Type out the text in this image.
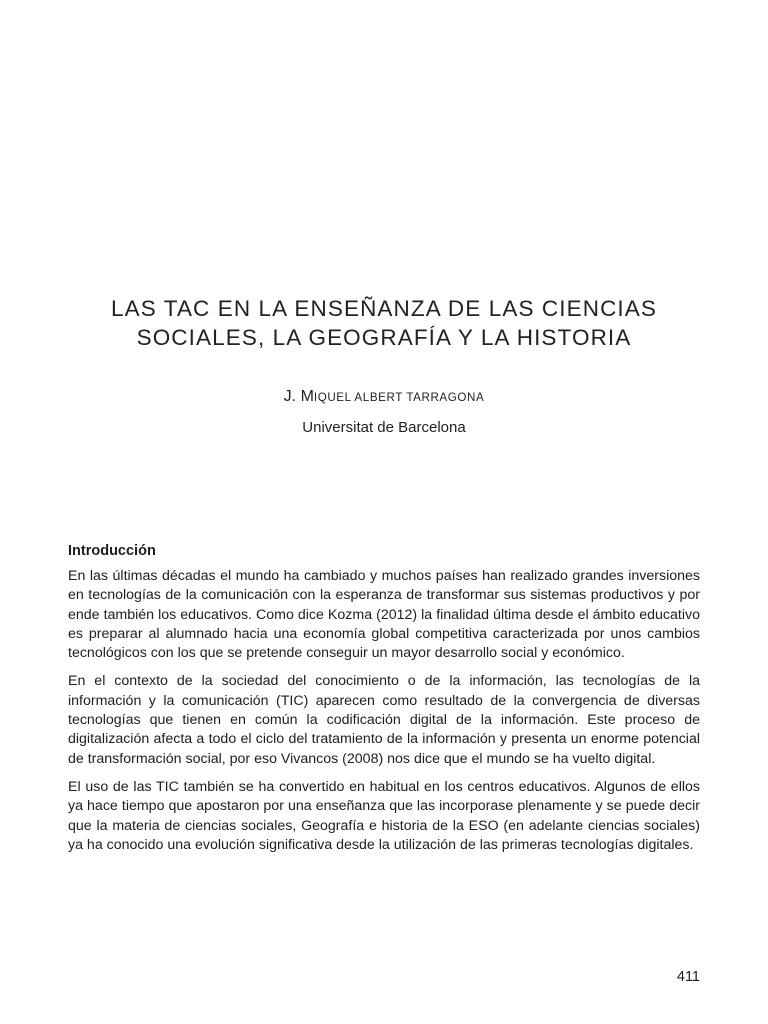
LAS TAC EN LA ENSEÑANZA DE LAS CIENCIAS
SOCIALES, LA GEOGRAFÍA Y LA HISTORIA
J. MIQUEL ALBERT TARRAGONA
Universitat de Barcelona
Introducción

En las últimas décadas el mundo ha cambiado y muchos países han realizado grandes inversiones en tecnologías de la comunicación con la esperanza de transformar sus sistemas productivos y por ende también los educativos. Como dice Kozma (2012) la finalidad última desde el ámbito educativo es preparar al alumnado hacia una economía global competitiva caracterizada por unos cambios tecnológicos con los que se pretende conseguir un mayor desarrollo social y económico.

En el contexto de la sociedad del conocimiento o de la información, las tecnologías de la información y la comunicación (TIC) aparecen como resultado de la convergencia de diversas tecnologías que tienen en común la codificación digital de la información. Este proceso de digitalización afecta a todo el ciclo del tratamiento de la información y presenta un enorme potencial de transformación social, por eso Vivancos (2008) nos dice que el mundo se ha vuelto digital.

El uso de las TIC también se ha convertido en habitual en los centros educativos. Algunos de ellos ya hace tiempo que apostaron por una enseñanza que las incorporase plenamente y se puede decir que la materia de ciencias sociales, Geografía e historia de la ESO (en adelante ciencias sociales) ya ha conocido una evolución significativa desde la utilización de las primeras tecnologías digitales.

411
